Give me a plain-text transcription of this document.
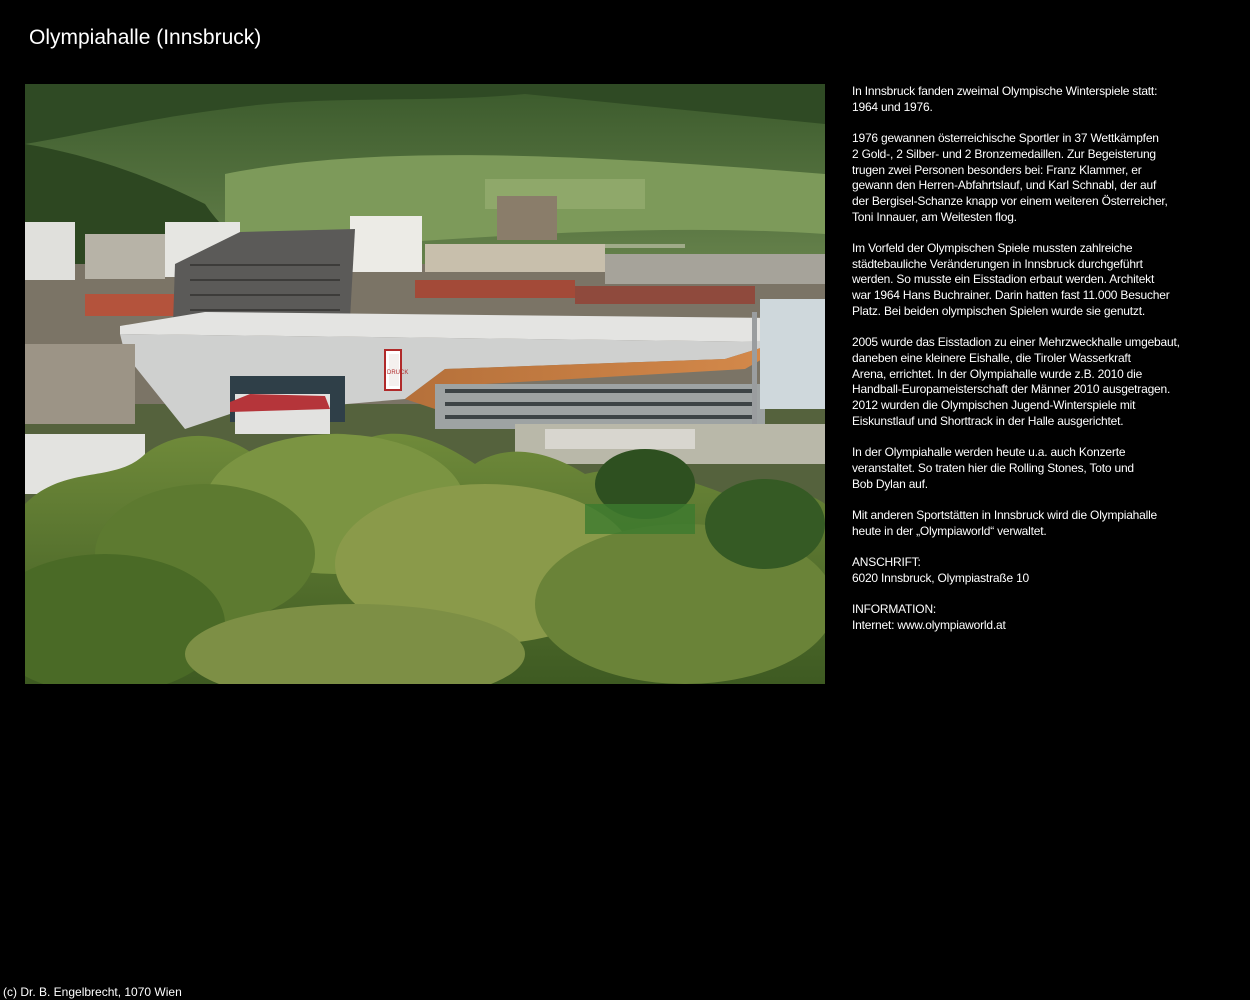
Olympiahalle (Innsbruck)
DRUCK

In Innsbruck fanden zweimal Olympische Winterspiele statt:
1964 und 1976.

1976 gewannen österreichische Sportler in 37 Wettkämpfen
2 Gold-, 2 Silber- und 2 Bronzemedaillen. Zur Begeisterung
trugen zwei Personen besonders bei: Franz Klammer, er
gewann den Herren-Abfahrtslauf, und Karl Schnabl, der auf
der Bergisel-Schanze knapp vor einem weiteren Österreicher,
Toni Innauer, am Weitesten flog.

Im Vorfeld der Olympischen Spiele mussten zahlreiche
städtebauliche Veränderungen in Innsbruck durchgeführt
werden. So musste ein Eisstadion erbaut werden. Architekt
war 1964 Hans Buchrainer. Darin hatten fast 11.000 Besucher
Platz. Bei beiden olympischen Spielen wurde sie genutzt.

2005 wurde das Eisstadion zu einer Mehrzweckhalle umgebaut,
daneben eine kleinere Eishalle, die Tiroler Wasserkraft
Arena, errichtet. In der Olympiahalle wurde z.B. 2010 die
Handball-Europameisterschaft der Männer 2010 ausgetragen.
2012 wurden die Olympischen Jugend-Winterspiele mit
Eiskunstlauf und Shorttrack in der Halle ausgerichtet.

In der Olympiahalle werden heute u.a. auch Konzerte
veranstaltet. So traten hier die Rolling Stones, Toto und
Bob Dylan auf.

Mit anderen Sportstätten in Innsbruck wird die Olympiahalle
heute in der „Olympiaworld“ verwaltet.

ANSCHRIFT:
6020 Innsbruck, Olympiastraße 10

INFORMATION:
Internet: www.olympiaworld.at

(c) Dr. B. Engelbrecht, 1070 Wien
